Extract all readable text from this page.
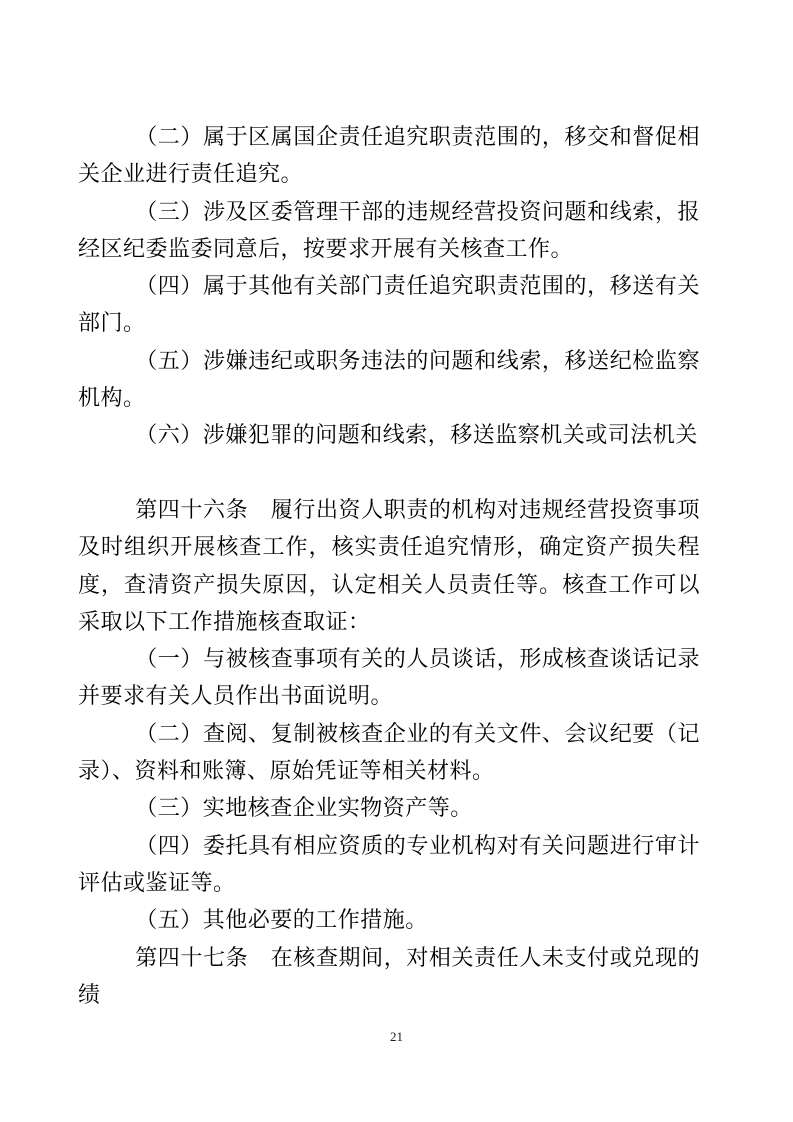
（二）属于区属国企责任追究职责范围的，移交和督促相关企业进行责任追究。

（三）涉及区委管理干部的违规经营投资问题和线索，报经区纪委监委同意后，按要求开展有关核查工作。

（四）属于其他有关部门责任追究职责范围的，移送有关部门。

（五）涉嫌违纪或职务违法的问题和线索，移送纪检监察机构。

（六）涉嫌犯罪的问题和线索，移送监察机关或司法机关

第四十六条　履行出资人职责的机构对违规经营投资事项及时组织开展核查工作，核实责任追究情形，确定资产损失程度，查清资产损失原因，认定相关人员责任等。核查工作可以采取以下工作措施核查取证：

（一）与被核查事项有关的人员谈话，形成核查谈话记录并要求有关人员作出书面说明。

（二）查阅、复制被核查企业的有关文件、会议纪要（记录）、资料和账簿、原始凭证等相关材料。

（三）实地核查企业实物资产等。

（四）委托具有相应资质的专业机构对有关问题进行审计评估或鉴证等。

（五）其他必要的工作措施。

第四十七条　在核查期间，对相关责任人未支付或兑现的绩

21
